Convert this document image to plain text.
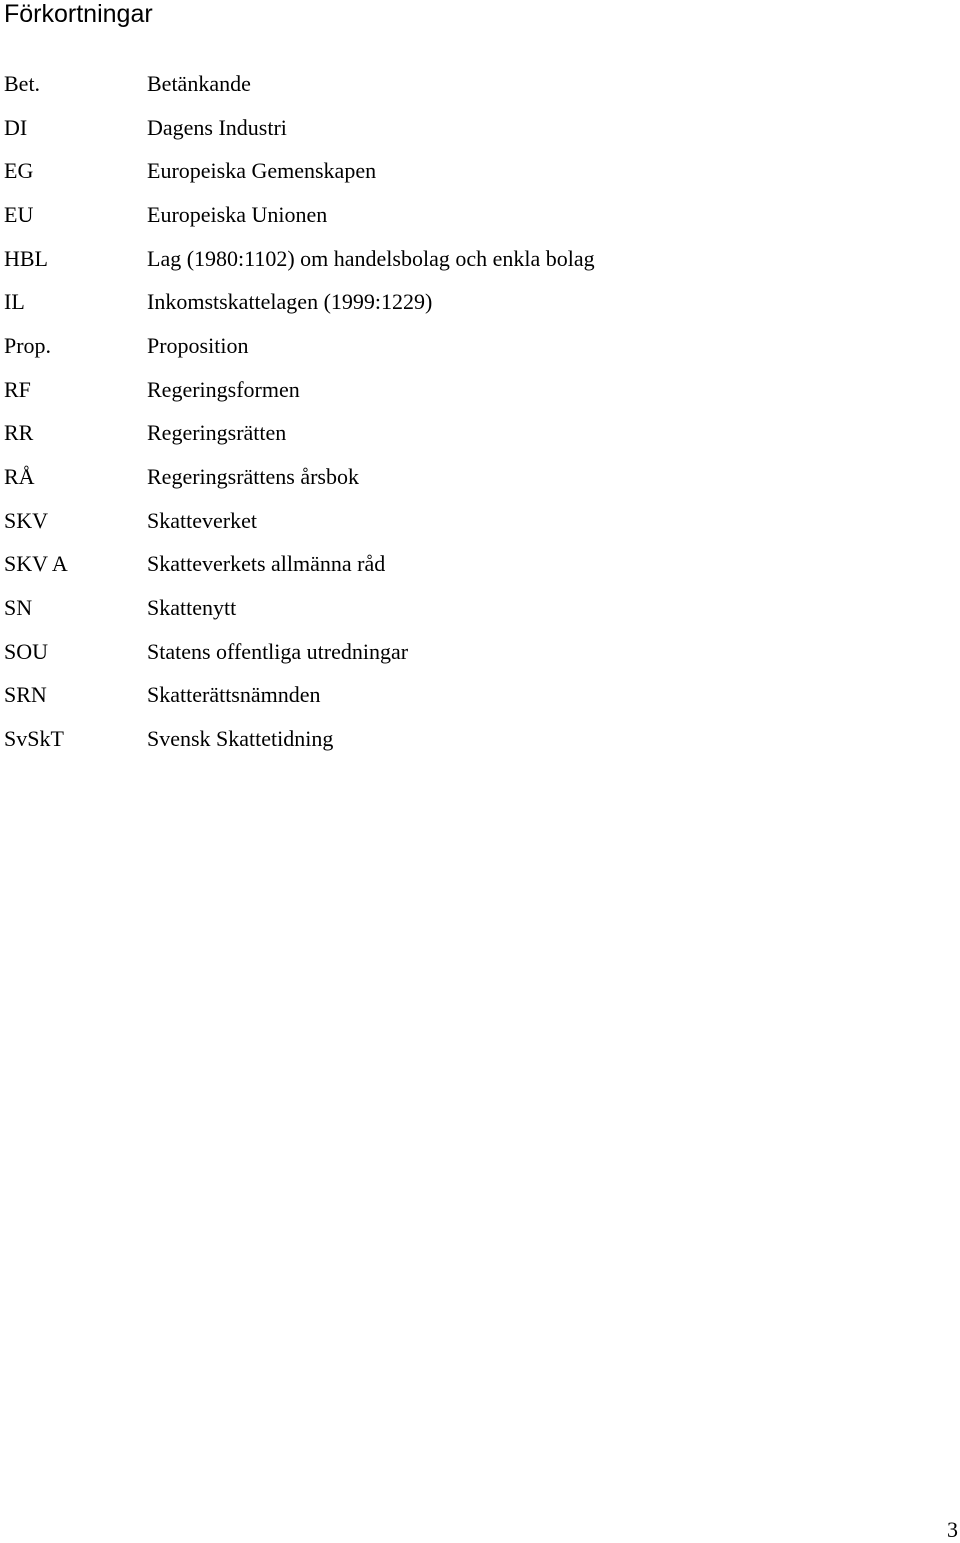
Förkortningar
Bet.	Betänkande
DI	Dagens Industri
EG	Europeiska Gemenskapen
EU	Europeiska Unionen
HBL	Lag (1980:1102) om handelsbolag och enkla bolag
IL	Inkomstskattelagen (1999:1229)
Prop.	Proposition
RF	Regeringsformen
RR	Regeringsrätten
RÅ	Regeringsrättens årsbok
SKV	Skatteverket
SKV A	Skatteverkets allmänna råd
SN	Skattenytt
SOU	Statens offentliga utredningar
SRN	Skatterättsnämnden
SvSkT	Svensk Skattetidning
3
